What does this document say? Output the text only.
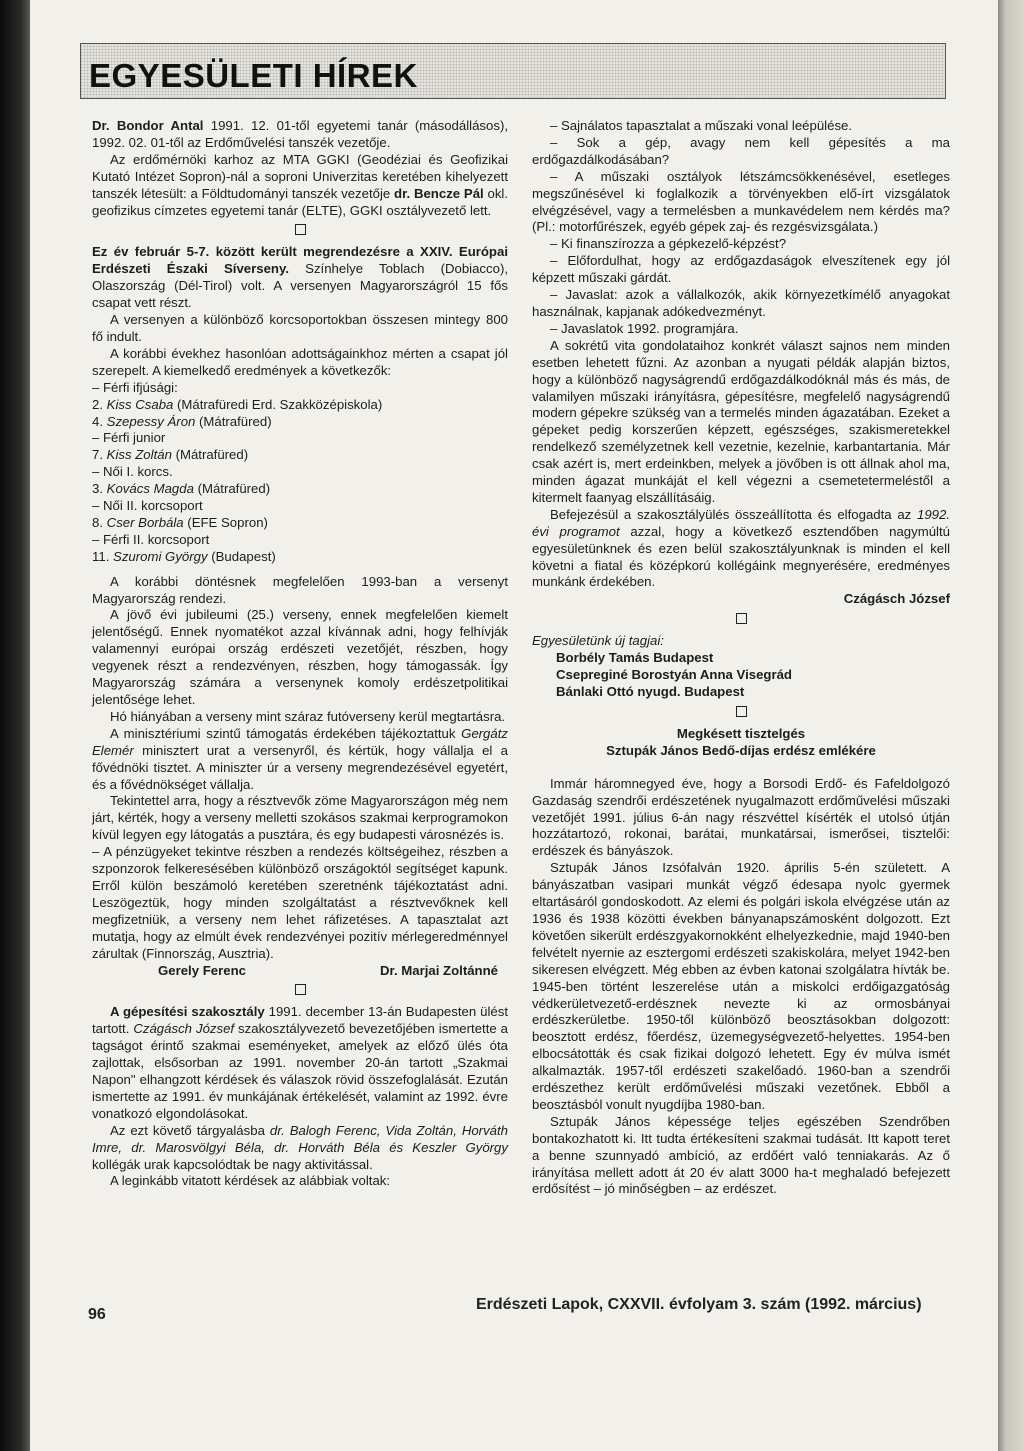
EGYESÜLETI HÍREK

Dr. Bondor Antal 1991. 12. 01-től egyetemi tanár (másodállásos), 1992. 02. 01-től az Erdőművelési tanszék vezetője.

Az erdőmérnöki karhoz az MTA GGKI (Geodéziai és Geofizikai Kutató Intézet Sopron)-nál a soproni Univerzitas keretében kihelyezett tanszék létesült: a Földtudományi tanszék vezetője dr. Bencze Pál okl. geofizikus címzetes egyetemi tanár (ELTE), GGKI osztályvezető lett.

Ez év február 5-7. között került megrendezésre a XXIV. Európai Erdészeti Északi Síverseny. Színhelye Toblach (Dobiacco), Olaszország (Dél-Tirol) volt. A versenyen Magyarországról 15 fős csapat vett részt.

A versenyen a különböző korcsoportokban összesen mintegy 800 fő indult.

A korábbi évekhez hasonlóan adottságainkhoz mérten a csapat jól szerepelt. A kiemelkedő eredmények a következők:

– Férfi ifjúsági:

2. Kiss Csaba (Mátrafüredi Erd. Szakközépiskola)

4. Szepessy Áron (Mátrafüred)

– Férfi junior

7. Kiss Zoltán (Mátrafüred)

– Női I. korcs.

3. Kovács Magda (Mátrafüred)

– Női II. korcsoport

8. Cser Borbála (EFE Sopron)

– Férfi II. korcsoport

11. Szuromi György (Budapest)

A korábbi döntésnek megfelelően 1993-ban a versenyt Magyarország rendezi.

A jövő évi jubileumi (25.) verseny, ennek megfelelően kiemelt jelentőségű. Ennek nyomatékot azzal kívánnak adni, hogy felhívják valamennyi európai ország erdészeti vezetőjét, részben, hogy vegyenek részt a rendezvényen, részben, hogy támogassák. Így Magyarország számára a versenynek komoly erdészetpolitikai jelentősége lehet.

Hó hiányában a verseny mint száraz futóverseny kerül megtartásra.

A minisztériumi szintű támogatás érdekében tájékoztattuk Gergátz Elemér minisztert urat a versenyről, és kértük, hogy vállalja el a fővédnöki tisztet. A miniszter úr a verseny megrendezésével egyetért, és a fővédnökséget vállalja.

Tekintettel arra, hogy a résztvevők zöme Magyarországon még nem járt, kérték, hogy a verseny melletti szokásos szakmai kerprogramokon kívül legyen egy látogatás a pusztára, és egy budapesti városnézés is.

– A pénzügyeket tekintve részben a rendezés költségeihez, részben a szponzorok felkeresésében különböző országoktól segítséget kapunk. Erről külön beszámoló keretében szeretnénk tájékoztatást adni. Leszögeztük, hogy minden szolgáltatást a résztvevőknek kell megfizetniük, a verseny nem lehet ráfizetéses. A tapasztalat azt mutatja, hogy az elmúlt évek rendezvényei pozitív mérlegeredménnyel zárultak (Finnország, Ausztria).

Gerely Ferenc	Dr. Marjai Zoltánné

A gépesítési szakosztály 1991. december 13-án Budapesten ülést tartott. Czágásch József szakosztályvezető bevezetőjében ismertette a tagságot érintő szakmai eseményeket, amelyek az előző ülés óta zajlottak, elsősorban az 1991. november 20-án tartott „Szakmai Napon" elhangzott kérdések és válaszok rövid összefoglalását. Ezután ismertette az 1991. év munkájának értékelését, valamint az 1992. évre vonatkozó elgondolásokat.

Az ezt követő tárgyalásba dr. Balogh Ferenc, Vida Zoltán, Horváth Imre, dr. Marosvölgyi Béla, dr. Horváth Béla és Keszler György kollégák urak kapcsolódtak be nagy aktivitással.

A leginkább vitatott kérdések az alábbiak voltak:

– Sajnálatos tapasztalat a műszaki vonal leépülése.

– Sok a gép, avagy nem kell gépesítés a ma erdőgazdálkodásában?

– A műszaki osztályok létszámcsökkenésével, esetleges megszűnésével ki foglalkozik a törvényekben elő-írt vizsgálatok elvégzésével, vagy a termelésben a munkavédelem nem kérdés ma? (Pl.: motorfűrészek, egyéb gépek zaj- és rezgésvizsgálata.)

– Ki finanszírozza a gépkezelő-képzést?

– Előfordulhat, hogy az erdőgazdaságok elveszítenek egy jól képzett műszaki gárdát.

– Javaslat: azok a vállalkozók, akik környezetkímélő anyagokat használnak, kapjanak adókedvezményt.

– Javaslatok 1992. programjára.

A sokrétű vita gondolataihoz konkrét választ sajnos nem minden esetben lehetett fűzni. Az azonban a nyugati példák alapján biztos, hogy a különböző nagyságrendű erdőgazdálkodóknál más és más, de valamilyen műszaki irányításra, gépesítésre, megfelelő nagyságrendű modern gépekre szükség van a termelés minden ágazatában. Ezeket a gépeket pedig korszerűen képzett, egészséges, szakismeretekkel rendelkező személyzetnek kell vezetnie, kezelnie, karbantartania. Már csak azért is, mert erdeinkben, melyek a jövőben is ott állnak ahol ma, minden ágazat munkáját el kell végezni a csemetetermeléstől a kitermelt faanyag elszállításáig.

Befejezésül a szakosztályülés összeállította és elfogadta az 1992. évi programot azzal, hogy a következő esztendőben nagymúltú egyesületünknek és ezen belül szakosztályunknak is minden el kell követni a fiatal és középkorú kollégáink megnyerésére, eredményes munkánk érdekében.

Czágásch József

Egyesületünk új tagjai:

Borbély Tamás Budapest

Csepreginé Borostyán Anna Visegrád

Bánlaki Ottó nyugd. Budapest

Megkésett tisztelgés

Sztupák János Bedő-díjas erdész emlékére

Immár háromnegyed éve, hogy a Borsodi Erdő- és Fafeldolgozó Gazdaság szendrői erdészetének nyugalmazott erdőművelési műszaki vezetőjét 1991. július 6-án nagy részvéttel kísérték el utolsó útján hozzátartozó, rokonai, barátai, munkatársai, ismerősei, tisztelői: erdészek és bányászok.

Sztupák János Izsófalván 1920. április 5-én született. A bányászatban vasipari munkát végző édesapa nyolc gyermek eltartásáról gondoskodott. Az elemi és polgári iskola elvégzése után az 1936 és 1938 közötti években bányanapszámosként dolgozott. Ezt követően sikerült erdészgyakornokként elhelyezkednie, majd 1940-ben felvételt nyernie az esztergomi erdészeti szakiskolára, melyet 1942-ben sikeresen elvégzett. Még ebben az évben katonai szolgálatra hívták be. 1945-ben történt leszerelése után a miskolci erdőigazgatóság védkerületvezető-erdésznek nevezte ki az ormosbányai erdészkerületbe. 1950-től különböző beosztásokban dolgozott: beosztott erdész, főerdész, üzemegységvezető-helyettes. 1954-ben elbocsátották és csak fizikai dolgozó lehetett. Egy év múlva ismét alkalmazták. 1957-től erdészeti szakelőadó. 1960-ban a szendrői erdészethez került erdőművelési műszaki vezetőnek. Ebből a beosztásból vonult nyugdíjba 1980-ban.

Sztupák János képessége teljes egészében Szendrőben bontakozhatott ki. Itt tudta értékesíteni szakmai tudását. Itt kapott teret a benne szunnyadó ambíció, az erdőért való tenniakarás. Az ő irányítása mellett adott át 20 év alatt 3000 ha-t meghaladó befejezett erdősítést – jó minőségben – az erdészet.

96
Erdészeti Lapok, CXXVII. évfolyam 3. szám (1992. március)
